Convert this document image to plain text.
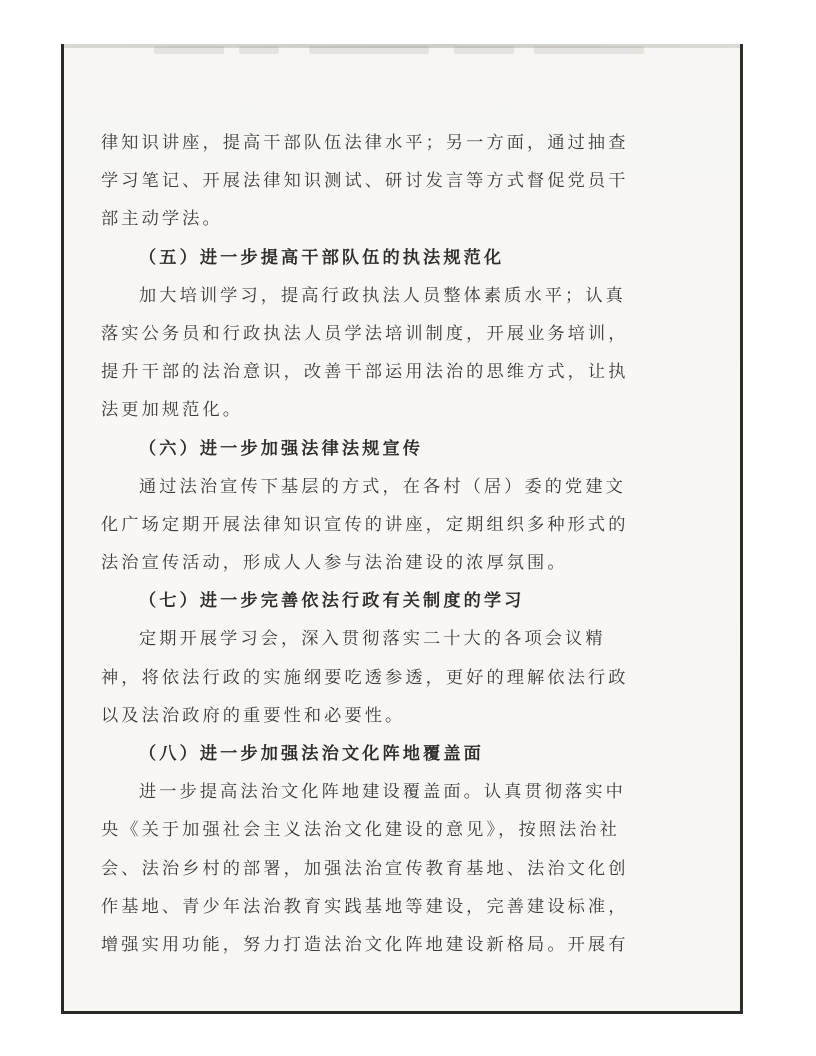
律知识讲座，提高干部队伍法律水平；另一方面，通过抽查
学习笔记、开展法律知识测试、研讨发言等方式督促党员干
部主动学法。
（五）进一步提高干部队伍的执法规范化
加大培训学习，提高行政执法人员整体素质水平；认真
落实公务员和行政执法人员学法培训制度，开展业务培训，
提升干部的法治意识，改善干部运用法治的思维方式，让执
法更加规范化。
（六）进一步加强法律法规宣传
通过法治宣传下基层的方式，在各村（居）委的党建文
化广场定期开展法律知识宣传的讲座，定期组织多种形式的
法治宣传活动，形成人人参与法治建设的浓厚氛围。
（七）进一步完善依法行政有关制度的学习
定期开展学习会，深入贯彻落实二十大的各项会议精
神，将依法行政的实施纲要吃透参透，更好的理解依法行政
以及法治政府的重要性和必要性。
（八）进一步加强法治文化阵地覆盖面
进一步提高法治文化阵地建设覆盖面。认真贯彻落实中
央《关于加强社会主义法治文化建设的意见》，按照法治社
会、法治乡村的部署，加强法治宣传教育基地、法治文化创
作基地、青少年法治教育实践基地等建设，完善建设标准，
增强实用功能，努力打造法治文化阵地建设新格局。开展有
